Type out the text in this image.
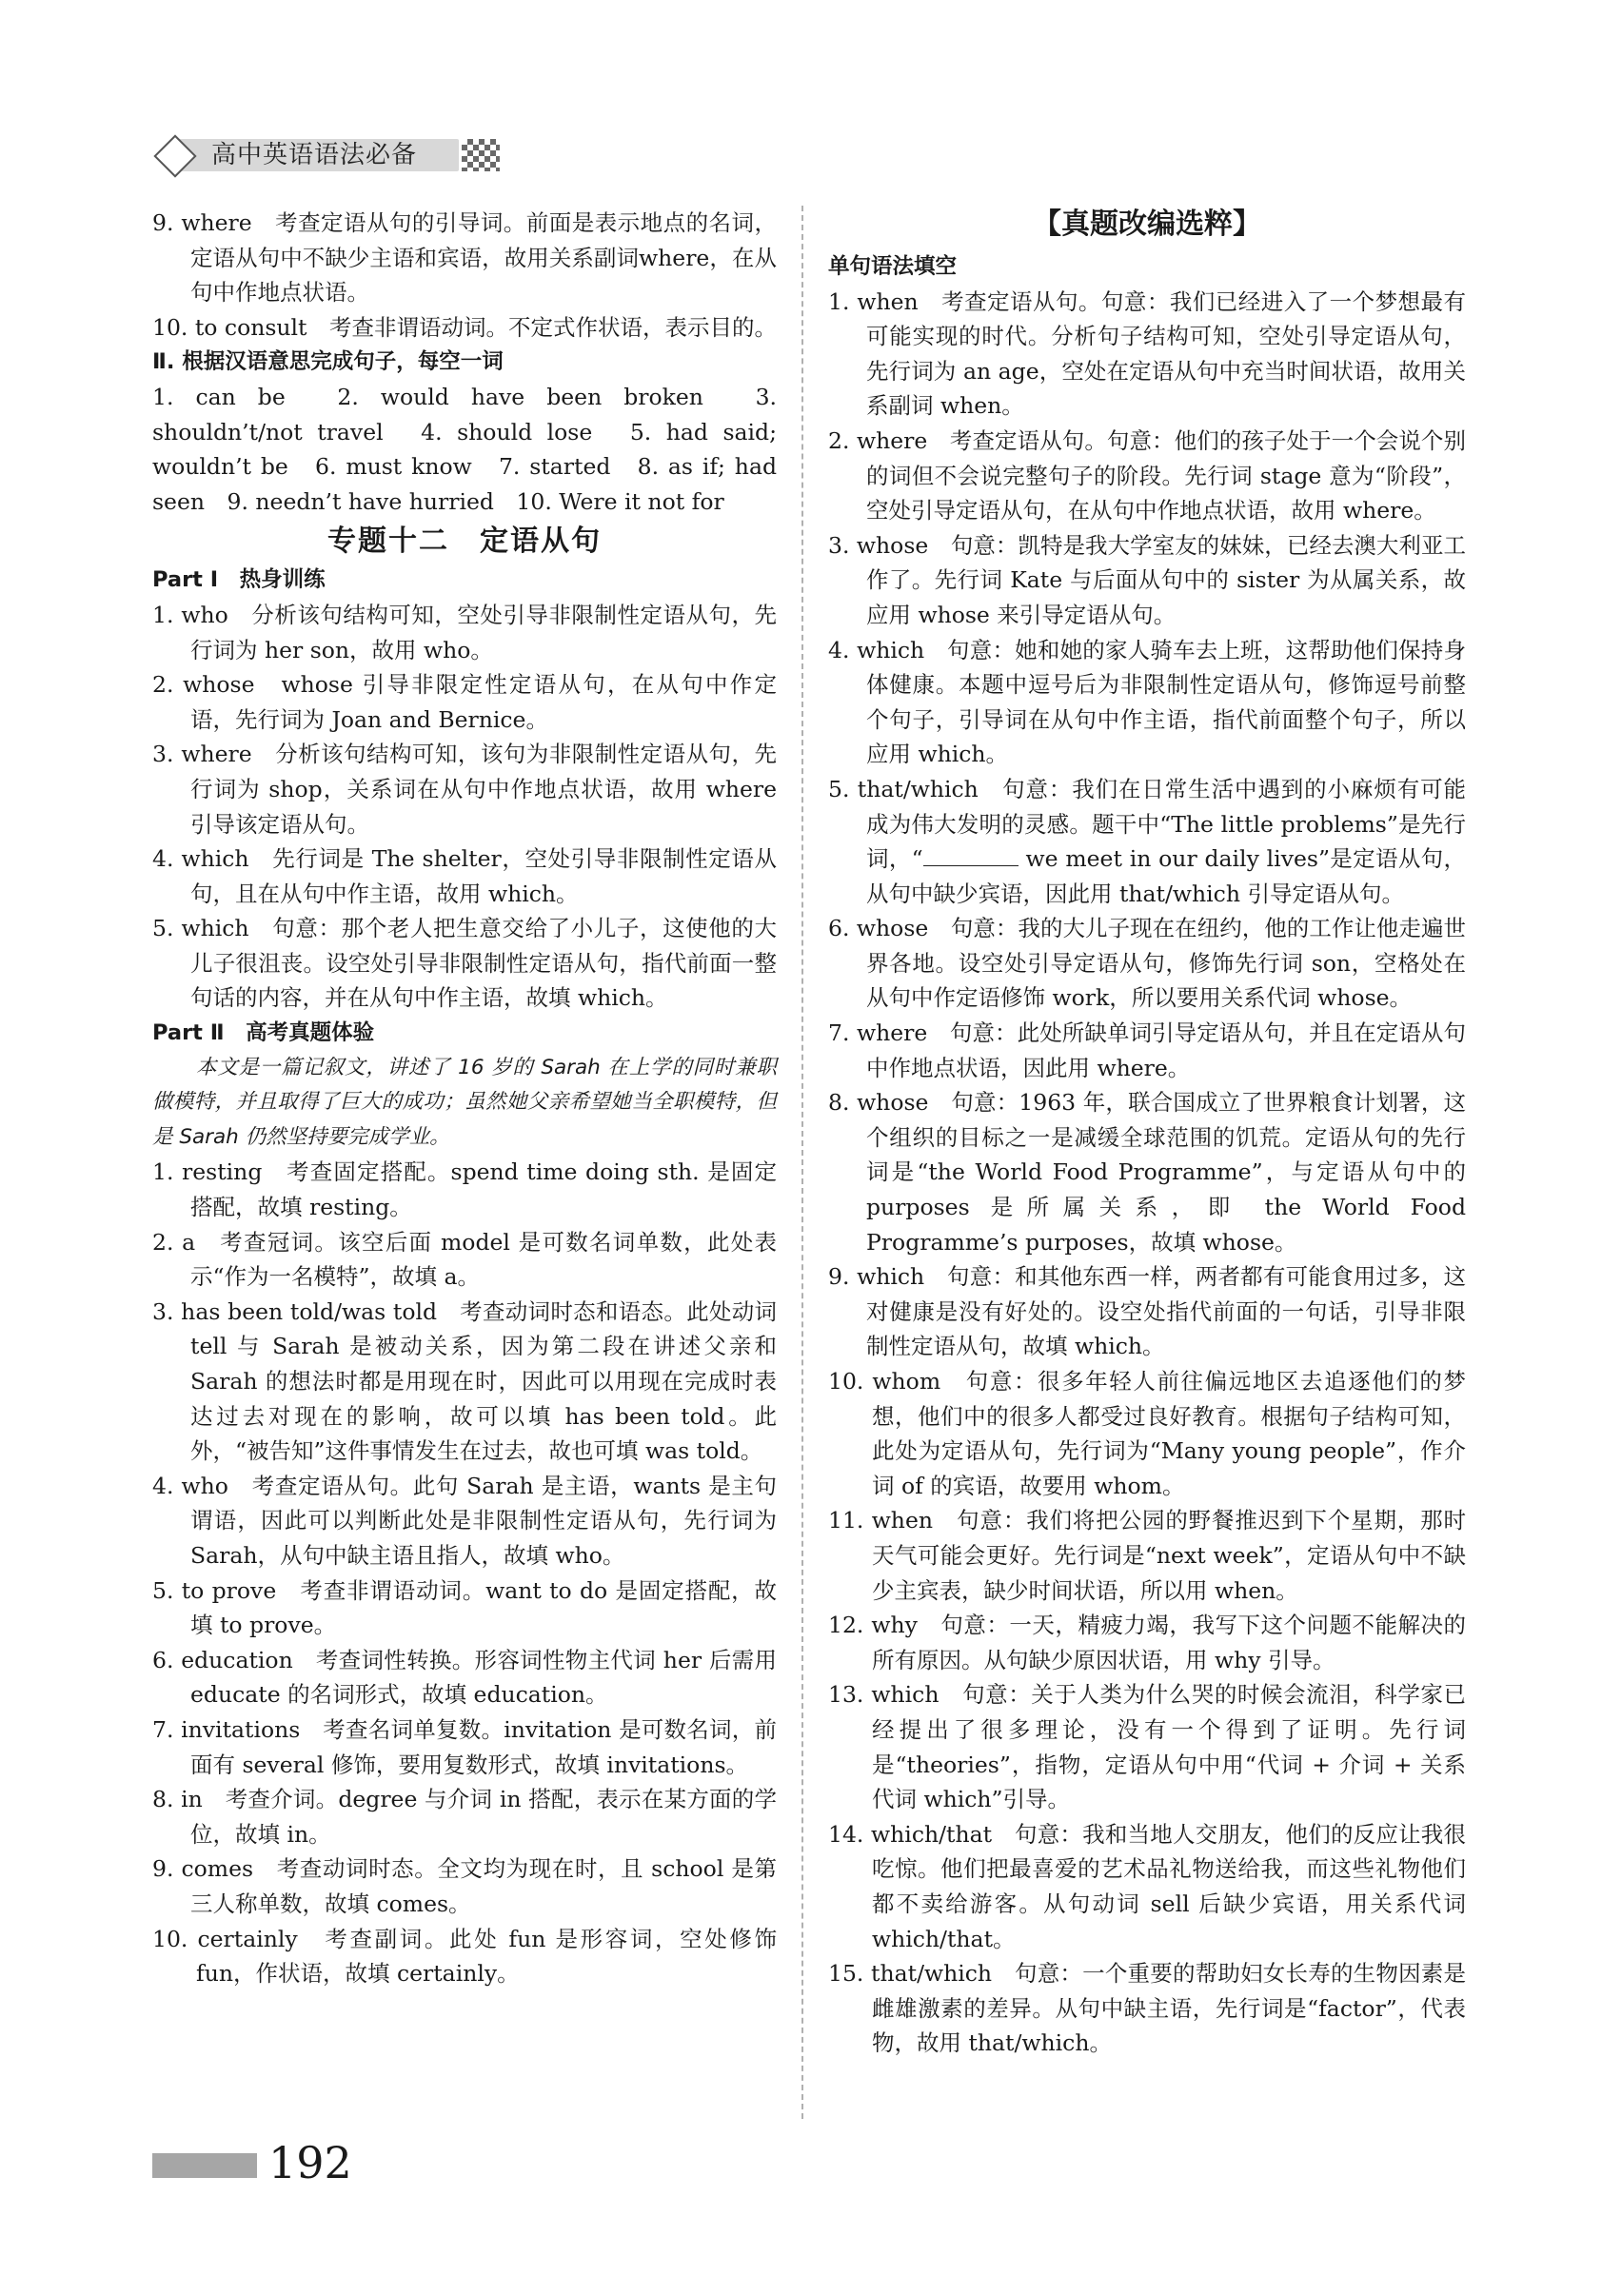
高中英语语法必备
9. where　考查定语从句的引导词。前面是表示地点的名词，定语从句中不缺少主语和宾语，故用关系副词where，在从句中作地点状语。
10. to consult　考查非谓语动词。不定式作状语，表示目的。
Ⅱ. 根据汉语意思完成句子，每空一词
1. can be　2. would have been broken　3. shouldn’t/not travel　4. should lose　5. had said; wouldn’t be　6. must know　7. started　8. as if; had seen　9. needn’t have hurried　10. Were it not for
专题十二　定语从句
Part Ⅰ　热身训练
1. who　分析该句结构可知，空处引导非限制性定语从句，先行词为 her son，故用 who。
2. whose　whose 引导非限定性定语从句，在从句中作定语，先行词为 Joan and Bernice。
3. where　分析该句结构可知，该句为非限制性定语从句，先行词为 shop，关系词在从句中作地点状语，故用 where 引导该定语从句。
4. which　先行词是 The shelter，空处引导非限制性定语从句，且在从句中作主语，故用 which。
5. which　句意：那个老人把生意交给了小儿子，这使他的大儿子很沮丧。设空处引导非限制性定语从句，指代前面一整句话的内容，并在从句中作主语，故填 which。
Part Ⅱ　高考真题体验
本文是一篇记叙文，讲述了 16 岁的 Sarah 在上学的同时兼职做模特，并且取得了巨大的成功；虽然她父亲希望她当全职模特，但是 Sarah 仍然坚持要完成学业。
1. resting　考查固定搭配。spend time doing sth. 是固定搭配，故填 resting。
2. a　考查冠词。该空后面 model 是可数名词单数，此处表示“作为一名模特”，故填 a。
3. has been told/was told　考查动词时态和语态。此处动词 tell 与 Sarah 是被动关系，因为第二段在讲述父亲和 Sarah 的想法时都是用现在时，因此可以用现在完成时表达过去对现在的影响，故可以填 has been told。此外，“被告知”这件事情发生在过去，故也可填 was told。
4. who　考查定语从句。此句 Sarah 是主语，wants 是主句谓语，因此可以判断此处是非限制性定语从句，先行词为 Sarah，从句中缺主语且指人，故填 who。
5. to prove　考查非谓语动词。want to do 是固定搭配，故填 to prove。
6. education　考查词性转换。形容词性物主代词 her 后需用 educate 的名词形式，故填 education。
7. invitations　考查名词单复数。invitation 是可数名词，前面有 several 修饰，要用复数形式，故填 invitations。
8. in　考查介词。degree 与介词 in 搭配，表示在某方面的学位，故填 in。
9. comes　考查动词时态。全文均为现在时，且 school 是第三人称单数，故填 comes。
10. certainly　考查副词。此处 fun 是形容词，空处修饰 fun，作状语，故填 certainly。
【真题改编选粹】
单句语法填空
1. when　考查定语从句。句意：我们已经进入了一个梦想最有可能实现的时代。分析句子结构可知，空处引导定语从句，先行词为 an age，空处在定语从句中充当时间状语，故用关系副词 when。
2. where　考查定语从句。句意：他们的孩子处于一个会说个别的词但不会说完整句子的阶段。先行词 stage 意为“阶段”，空处引导定语从句，在从句中作地点状语，故用 where。
3. whose　句意：凯特是我大学室友的妹妹，已经去澳大利亚工作了。先行词 Kate 与后面从句中的 sister 为从属关系，故应用 whose 来引导定语从句。
4. which　句意：她和她的家人骑车去上班，这帮助他们保持身体健康。本题中逗号后为非限制性定语从句，修饰逗号前整个句子，引导词在从句中作主语，指代前面整个句子，所以应用 which。
5. that/which　句意：我们在日常生活中遇到的小麻烦有可能成为伟大发明的灵感。题干中“The little problems”是先行词，“	we meet in our daily lives”是定语从句，从句中缺少宾语，因此用 that/which 引导定语从句。
6. whose　句意：我的大儿子现在在纽约，他的工作让他走遍世界各地。设空处引导定语从句，修饰先行词 son，空格处在从句中作定语修饰 work，所以要用关系代词 whose。
7. where　句意：此处所缺单词引导定语从句，并且在定语从句中作地点状语，因此用 where。
8. whose　句意：1963 年，联合国成立了世界粮食计划署，这个组织的目标之一是减缓全球范围的饥荒。定语从句的先行词是“the World Food Programme”，与定语从句中的 purposes 是所属关系，即 the World Food Programme’s purposes，故填 whose。
9. which　句意：和其他东西一样，两者都有可能食用过多，这对健康是没有好处的。设空处指代前面的一句话，引导非限制性定语从句，故填 which。
10. whom　句意：很多年轻人前往偏远地区去追逐他们的梦想，他们中的很多人都受过良好教育。根据句子结构可知，此处为定语从句，先行词为“Many young people”，作介词 of 的宾语，故要用 whom。
11. when　句意：我们将把公园的野餐推迟到下个星期，那时天气可能会更好。先行词是“next week”，定语从句中不缺少主宾表，缺少时间状语，所以用 when。
12. why　句意：一天，精疲力竭，我写下这个问题不能解决的所有原因。从句缺少原因状语，用 why 引导。
13. which　句意：关于人类为什么哭的时候会流泪，科学家已经提出了很多理论，没有一个得到了证明。先行词是“theories”，指物，定语从句中用“代词 + 介词 + 关系代词 which”引导。
14. which/that　句意：我和当地人交朋友，他们的反应让我很吃惊。他们把最喜爱的艺术品礼物送给我，而这些礼物他们都不卖给游客。从句动词 sell 后缺少宾语，用关系代词 which/that。
15. that/which　句意：一个重要的帮助妇女长寿的生物因素是雌雄激素的差异。从句中缺主语，先行词是“factor”，代表物，故用 that/which。
192
